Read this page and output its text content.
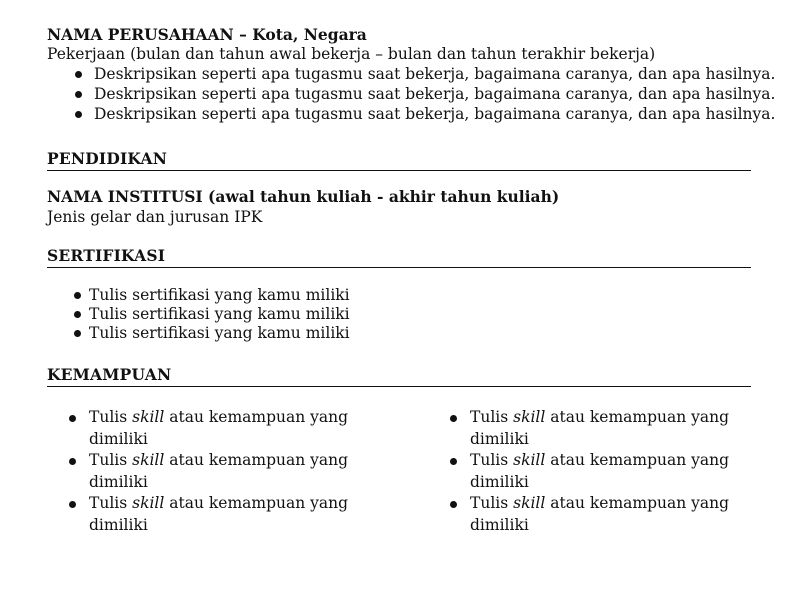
NAMA PERUSAHAAN – Kota, Negara
Pekerjaan (bulan dan tahun awal bekerja – bulan dan tahun terakhir bekerja)
Deskripsikan seperti apa tugasmu saat bekerja, bagaimana caranya, dan apa hasilnya.
Deskripsikan seperti apa tugasmu saat bekerja, bagaimana caranya, dan apa hasilnya.
Deskripsikan seperti apa tugasmu saat bekerja, bagaimana caranya, dan apa hasilnya.
PENDIDIKAN
NAMA INSTITUSI (awal tahun kuliah - akhir tahun kuliah)
Jenis gelar dan jurusan IPK
SERTIFIKASI
Tulis sertifikasi yang kamu miliki
Tulis sertifikasi yang kamu miliki
Tulis sertifikasi yang kamu miliki
KEMAMPUAN
Tulis skill atau kemampuan yang dimiliki
Tulis skill atau kemampuan yang dimiliki
Tulis skill atau kemampuan yang dimiliki
Tulis skill atau kemampuan yang dimiliki
Tulis skill atau kemampuan yang dimiliki
Tulis skill atau kemampuan yang dimiliki
